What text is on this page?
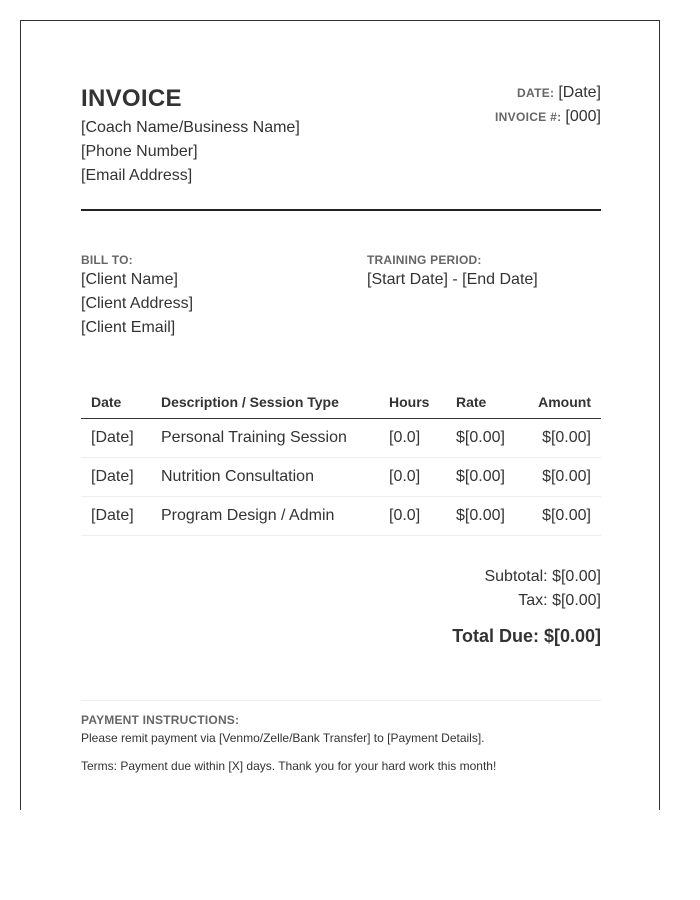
INVOICE
[Coach Name/Business Name]
[Phone Number]
[Email Address]
DATE: [Date]
INVOICE #: [000]
BILL TO:
[Client Name]
[Client Address]
[Client Email]
TRAINING PERIOD:
[Start Date] - [End Date]
Date	Description / Session Type	Hours	Rate	Amount
[Date]	Personal Training Session	[0.0]	$[0.00]	$[0.00]
[Date]	Nutrition Consultation	[0.0]	$[0.00]	$[0.00]
[Date]	Program Design / Admin	[0.0]	$[0.00]	$[0.00]
Subtotal: $[0.00]
Tax: $[0.00]
Total Due: $[0.00]
PAYMENT INSTRUCTIONS:
Please remit payment via [Venmo/Zelle/Bank Transfer] to [Payment Details].
Terms: Payment due within [X] days. Thank you for your hard work this month!
